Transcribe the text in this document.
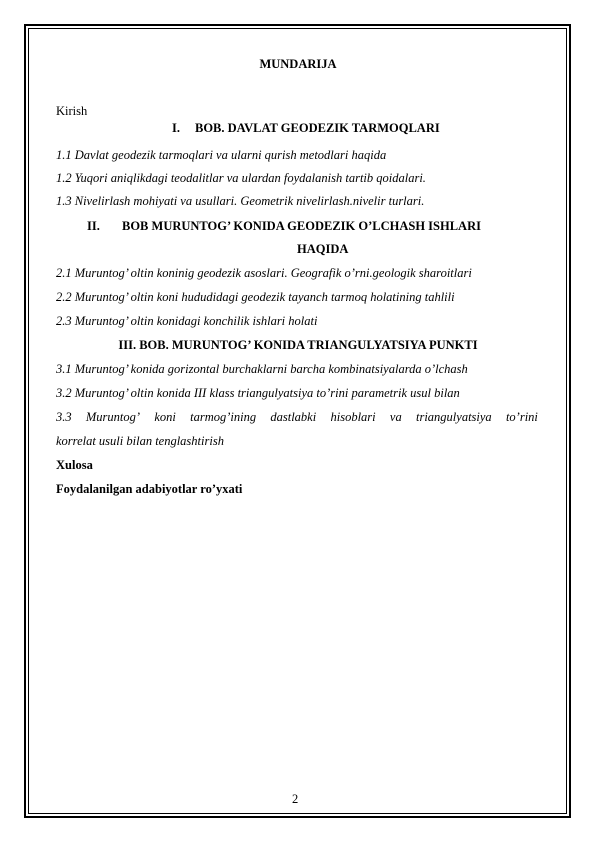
MUNDARIJA
Kirish
I. BOB. DAVLAT GEODEZIK TARMOQLARI
1.1 Davlat geodezik tarmoqlari va ularni qurish metodlari haqida
1.2 Yuqori aniqlikdagi teodalitlar va ulardan foydalanish tartib qoidalari.
1.3 Nivelirlash mohiyati va usullari. Geometrik nivelirlash.nivelir turlari.
II. BOB MURUNTOG’ KONIDA GEODEZIK O’LCHASH ISHLARI
HAQIDA
2.1 Muruntog’ oltin koninig geodezik asoslari. Geografik o’rni.geologik sharoitlari
2.2 Muruntog’ oltin koni hududidagi geodezik tayanch tarmoq holatining tahlili
2.3 Muruntog’ oltin konidagi konchilik ishlari holati
III. BOB. MURUNTOG’ KONIDA TRIANGULYATSIYA PUNKTI
3.1 Muruntog’ konida gorizontal burchaklarni barcha kombinatsiyalarda o’lchash
3.2 Muruntog’ oltin konida III klass triangulyatsiya to’rini parametrik usul bilan
3.3 Muruntog’ koni tarmog’ining dastlabki hisoblari va triangulyatsiya to’rini
korrelat usuli bilan tenglashtirish
Xulosa
Foydalanilgan adabiyotlar ro’yxati
2
